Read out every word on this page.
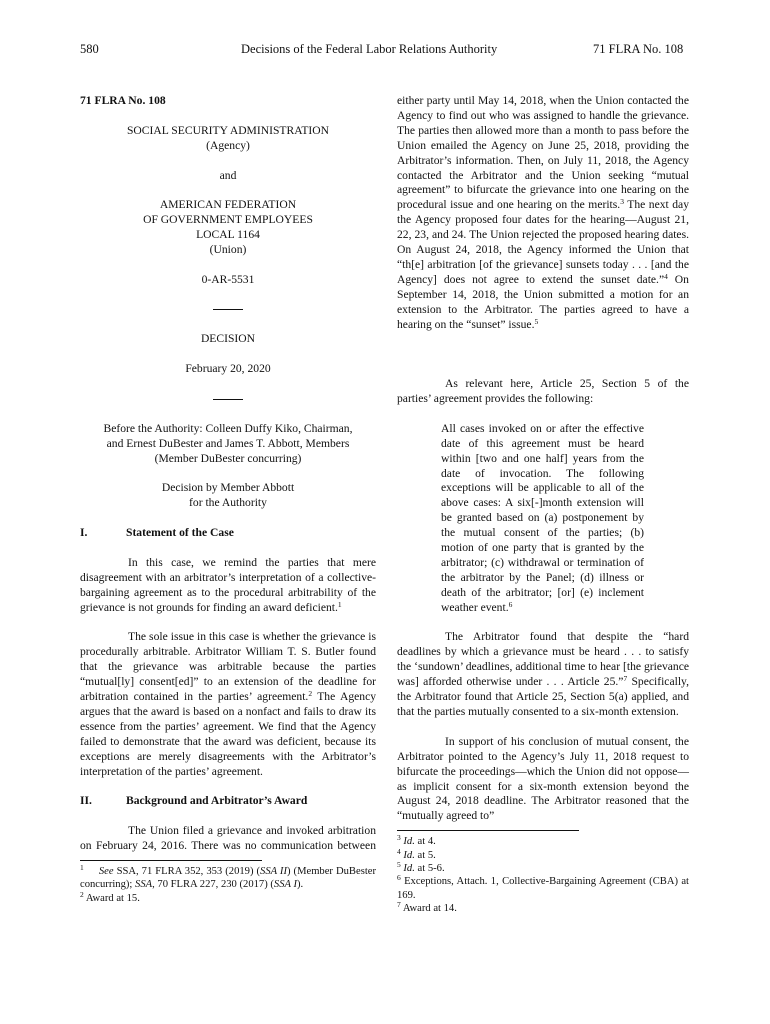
580	Decisions of the Federal Labor Relations Authority	71 FLRA No. 108

71 FLRA No. 108

SOCIAL SECURITY ADMINISTRATION

(Agency)

and

AMERICAN FEDERATION

OF GOVERNMENT EMPLOYEES

LOCAL 1164

(Union)

0-AR-5531

DECISION

February 20, 2020

Before the Authority: Colleen Duffy Kiko, Chairman,

and Ernest DuBester and James T. Abbott, Members

(Member DuBester concurring)

Decision by Member Abbott

for the Authority

I.	Statement of the Case

In this case, we remind the parties that mere disagreement with an arbitrator’s interpretation of a collective-bargaining agreement as to the procedural arbitrability of the grievance is not grounds for finding an award deficient.$^1$

The sole issue in this case is whether the grievance is procedurally arbitrable. Arbitrator William T. S. Butler found that the grievance was arbitrable because the parties “mutual[ly] consent[ed]” to an extension of the deadline for arbitration contained in the parties’ agreement.$^2$ The Agency argues that the award is based on a nonfact and fails to draw its essence from the parties’ agreement. We find that the Agency failed to demonstrate that the award was deficient, because its exceptions are merely disagreements with the Arbitrator’s interpretation of the parties’ agreement.

II.	Background and Arbitrator’s Award

The Union filed a grievance and invoked arbitration on February 24, 2016. There was no communication between

$^1$ See SSA, 71 FLRA 352, 353 (2019) (SSA II) (Member DuBester concurring); SSA, 70 FLRA 227, 230 (2017) (SSA I).

$^2$ Award at 15.

either party until May 14, 2018, when the Union contacted the Agency to find out who was assigned to handle the grievance. The parties then allowed more than a month to pass before the Union emailed the Agency on June 25, 2018, providing the Arbitrator’s information. Then, on July 11, 2018, the Agency contacted the Arbitrator and the Union seeking “mutual agreement” to bifurcate the grievance into one hearing on the procedural issue and one hearing on the merits.$^3$ The next day the Agency proposed four dates for the hearing—August 21, 22, 23, and 24. The Union rejected the proposed hearing dates. On August 24, 2018, the Agency informed the Union that “th[e] arbitration [of the grievance] sunsets today . . . [and the Agency] does not agree to extend the sunset date.”$^4$ On September 14, 2018, the Union submitted a motion for an extension to the Arbitrator. The parties agreed to have a hearing on the “sunset” issue.$^5$

As relevant here, Article 25, Section 5 of the parties’ agreement provides the following:

All cases invoked on or after the effective date of this agreement must be heard within [two and one half] years from the date of invocation. The following exceptions will be applicable to all of the above cases: A six[-]month extension will be granted based on (a) postponement by the mutual consent of the parties; (b) motion of one party that is granted by the arbitrator; (c) withdrawal or termination of the arbitrator by the Panel; (d) illness or death of the arbitrator; [or] (e) inclement weather event.$^6$

The Arbitrator found that despite the “hard deadlines by which a grievance must be heard . . . to satisfy the ‘sundown’ deadlines, additional time to hear [the grievance was] afforded otherwise under . . . Article 25.”$^7$ Specifically, the Arbitrator found that Article 25, Section 5(a) applied, and that the parties mutually consented to a six-month extension.

In support of his conclusion of mutual consent, the Arbitrator pointed to the Agency’s July 11, 2018 request to bifurcate the proceedings—which the Union did not oppose—as implicit consent for a six-month extension beyond the August 24, 2018 deadline. The Arbitrator reasoned that the “mutually agreed to”

$^3$ Id. at 4.

$^4$ Id. at 5.

$^5$ Id. at 5-6.

$^6$ Exceptions, Attach. 1, Collective-Bargaining Agreement (CBA) at 169.

$^7$ Award at 14.
